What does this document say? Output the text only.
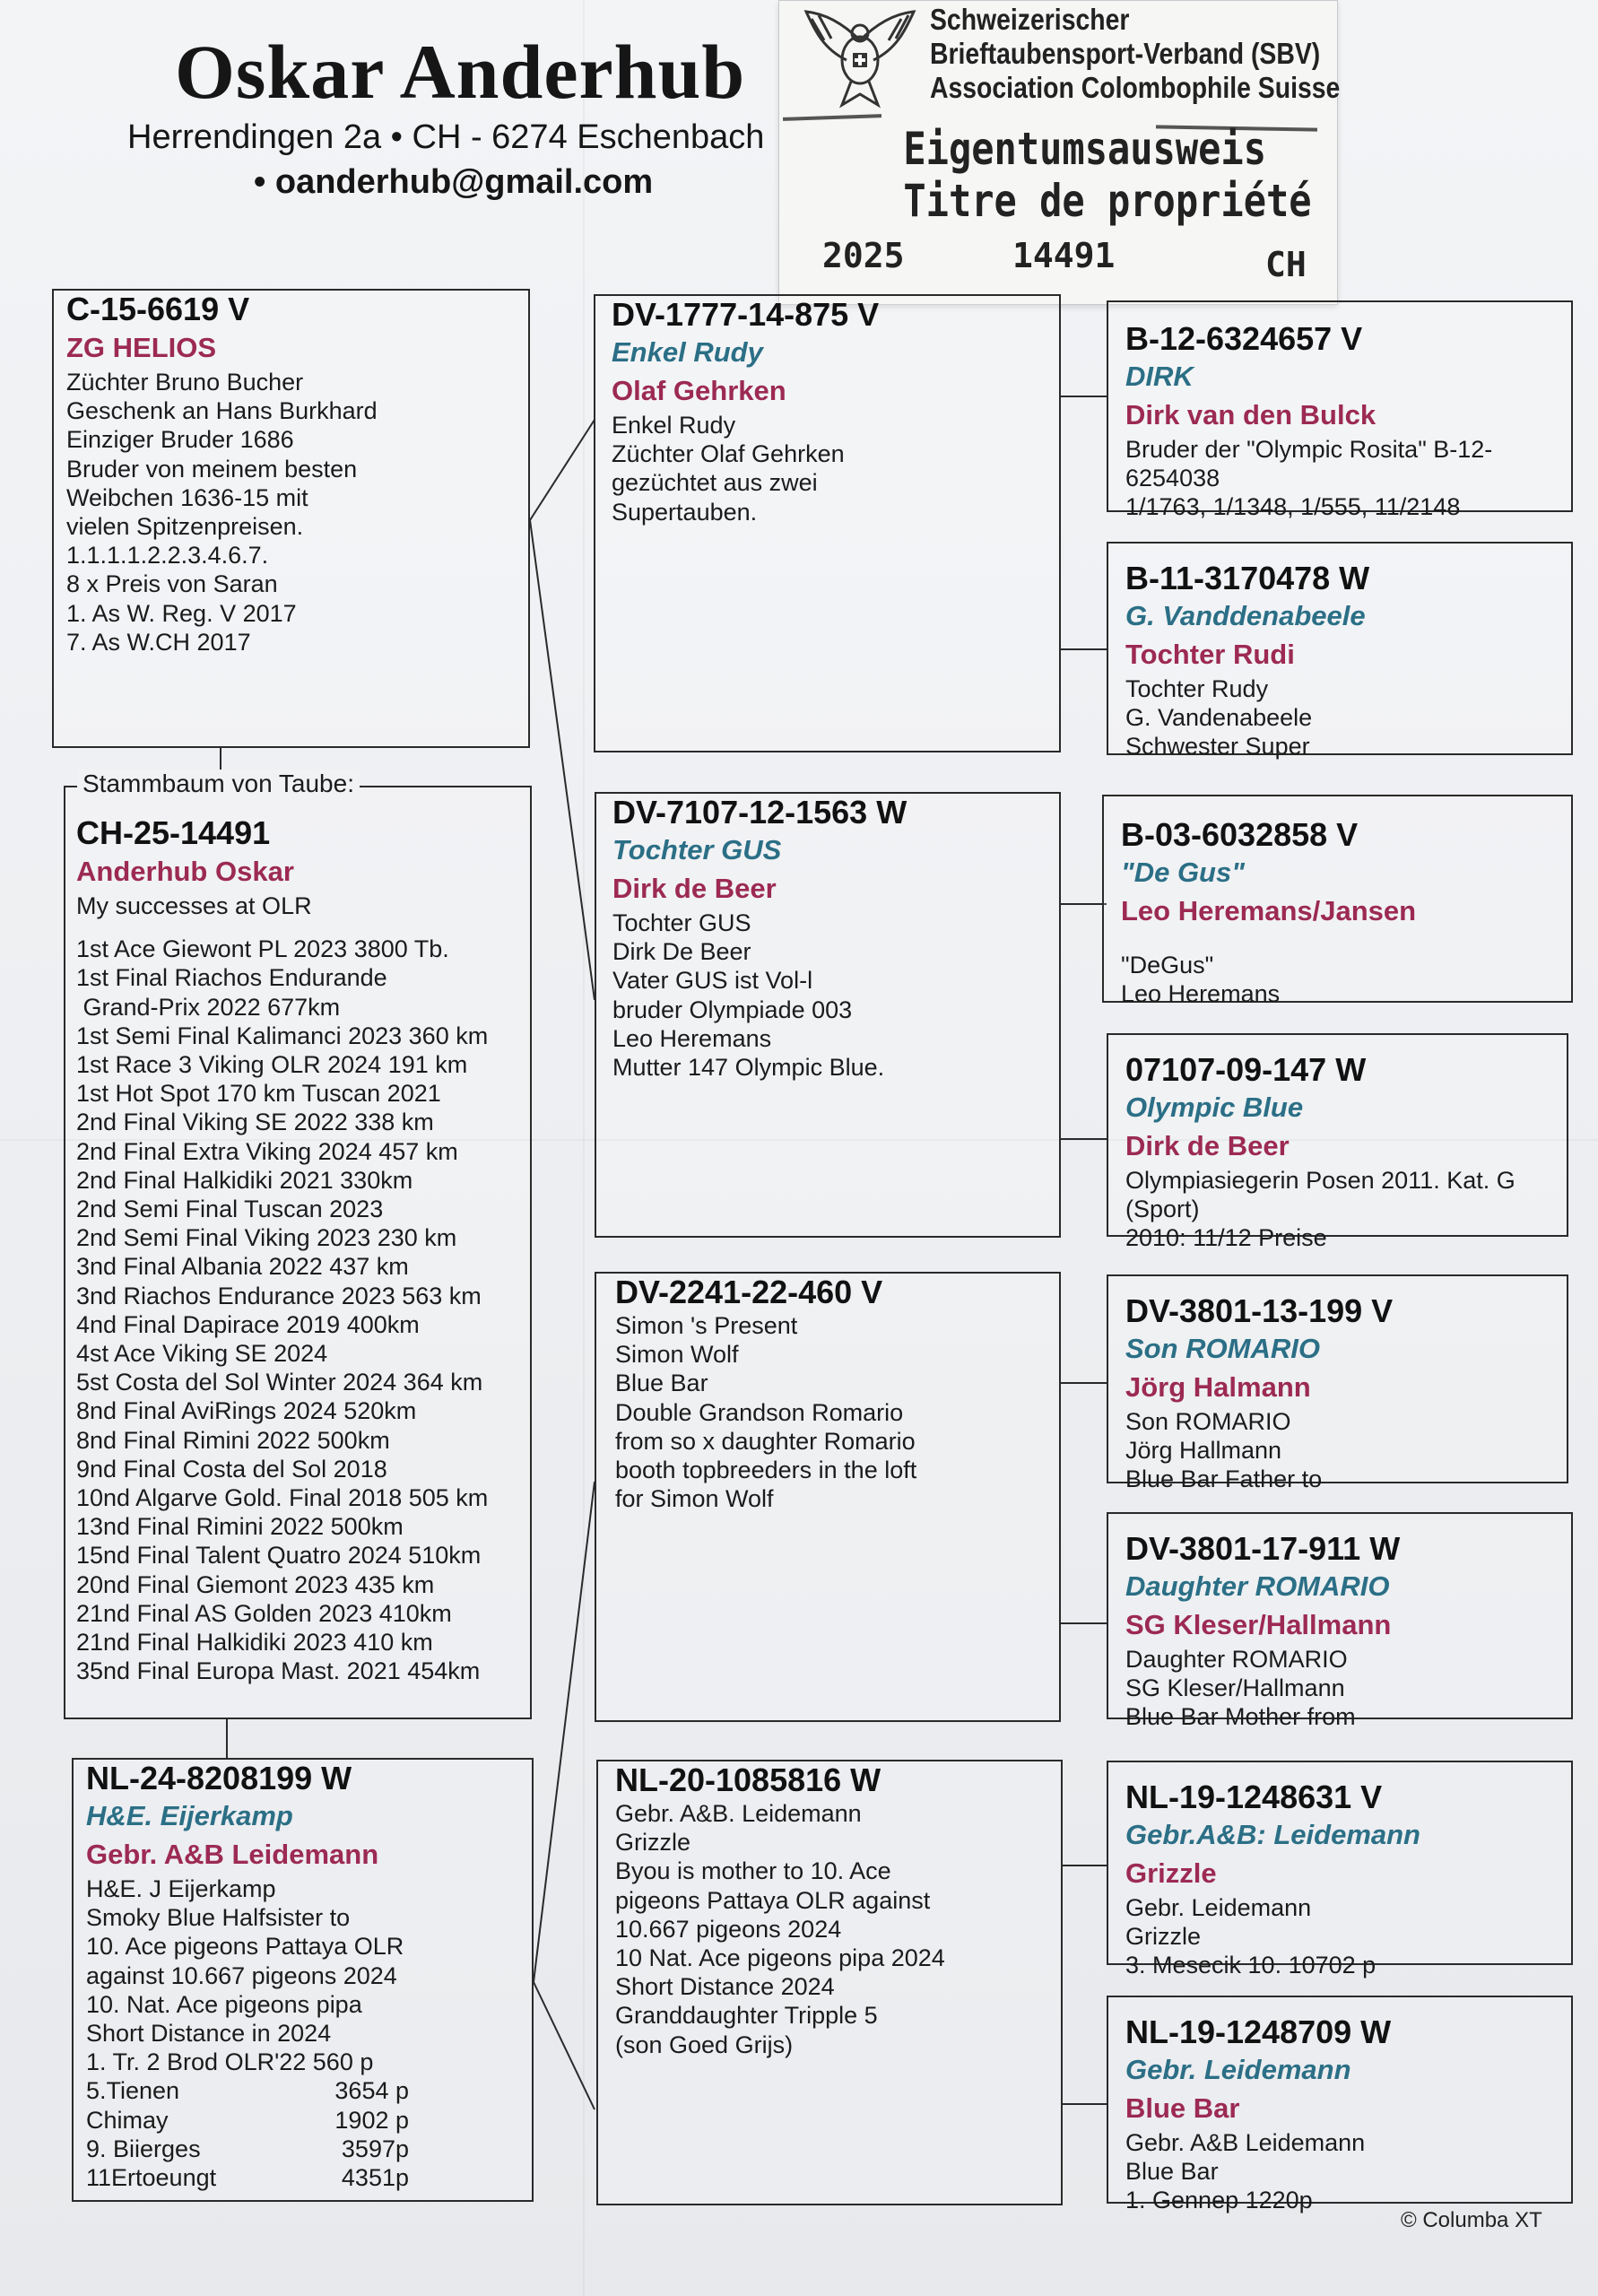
Oskar Anderhub
Herrendingen 2a • CH - 6274 Eschenbach
• oanderhub@gmail.com
Schweizerischer
Brieftaubensport-Verband (SBV)
Association Colombophile Suisse
Eigentumsausweis
Titre de propriété
2025	14491	CH
C-15-6619 V
ZG HELIOS
Züchter Bruno Bucher
Geschenk an Hans Burkhard
Einziger Bruder 1686
Bruder von meinem besten
Weibchen 1636-15 mit
vielen Spitzenpreisen.
1.1.1.1.2.2.3.4.6.7.
8 x Preis von Saran
1. As W. Reg. V 2017
7. As W.CH 2017
CH-25-14491
Anderhub Oskar
My successes at OLR
1st Ace Giewont PL 2023 3800 Tb.
1st Final Riachos Endurande
Grand-Prix 2022 677km
1st Semi Final Kalimanci 2023 360 km
1st Race 3 Viking OLR 2024 191 km
1st Hot Spot 170 km Tuscan 2021
2nd Final Viking SE 2022 338 km
2nd Final Extra Viking 2024 457 km
2nd Final Halkidiki 2021 330km
2nd Semi Final Tuscan 2023
2nd Semi Final Viking 2023 230 km
3nd Final Albania 2022 437 km
3nd Riachos Endurance 2023 563 km
4nd Final Dapirace 2019 400km
4st Ace Viking SE 2024
5st Costa del Sol Winter 2024 364 km
8nd Final AviRings 2024 520km
8nd Final Rimini 2022 500km
9nd Final Costa del Sol 2018
10nd Algarve Gold. Final 2018 505 km
13nd Final Rimini 2022 500km
15nd Final Talent Quatro 2024 510km
20nd Final Giemont 2023 435 km
21nd Final AS Golden 2023 410km
21nd Final Halkidiki 2023 410 km
35nd Final Europa Mast. 2021 454km
Stammbaum von Taube:
NL-24-8208199 W
H&E. Eijerkamp
Gebr. A&B Leidemann
H&E. J Eijerkamp
Smoky Blue Halfsister to
10. Ace pigeons Pattaya OLR
against 10.667 pigeons 2024
10. Nat. Ace pigeons pipa
Short Distance in 2024
1. Tr. 2 Brod OLR'22 560 p
5.Tienen	3654 p
Chimay	1902 p
9. Biierges	3597p
11Ertoeungt	4351p
DV-1777-14-875 V
Enkel Rudy
Olaf Gehrken
Enkel Rudy
Züchter Olaf Gehrken
gezüchtet aus zwei
Supertauben.
DV-7107-12-1563 W
Tochter GUS
Dirk de Beer
Tochter GUS
Dirk De Beer
Vater GUS ist Vol-l
bruder Olympiade 003
Leo Heremans
Mutter 147 Olympic Blue.
DV-2241-22-460 V
Simon 's Present
Simon Wolf
Blue Bar
Double Grandson Romario
from so x daughter Romario
booth topbreeders in the loft
for Simon Wolf
NL-20-1085816 W
Gebr. A&B. Leidemann
Grizzle
Byou is mother to 10. Ace
pigeons Pattaya OLR against
10.667 pigeons 2024
10 Nat. Ace pigeons pipa 2024
Short Distance 2024
Granddaughter Tripple 5
(son Goed Grijs)
B-12-6324657 V
DIRK
Dirk van den Bulck
Bruder der "Olympic Rosita" B-12-
6254038
1/1763, 1/1348, 1/555, 11/2148
B-11-3170478 W
G. Vanddenabeele
Tochter Rudi
Tochter Rudy
G. Vandenabeele
Schwester Super
B-03-6032858 V
"De Gus"
Leo Heremans/Jansen
"DeGus"
Leo Heremans
07107-09-147 W
Olympic Blue
Dirk de Beer
Olympiasiegerin Posen 2011. Kat. G
(Sport)
2010: 11/12 Preise
DV-3801-13-199 V
Son ROMARIO
Jörg Halmann
Son ROMARIO
Jörg Hallmann
Blue Bar Father to
DV-3801-17-911 W
Daughter ROMARIO
SG Kleser/Hallmann
Daughter ROMARIO
SG Kleser/Hallmann
Blue Bar Mother from
NL-19-1248631 V
Gebr.A&B: Leidemann
Grizzle
Gebr. Leidemann
Grizzle
3. Mesecik 10. 10702 p
NL-19-1248709 W
Gebr. Leidemann
Blue Bar
Gebr. A&B Leidemann
Blue Bar
1. Gennep 1220p
© Columba XT
